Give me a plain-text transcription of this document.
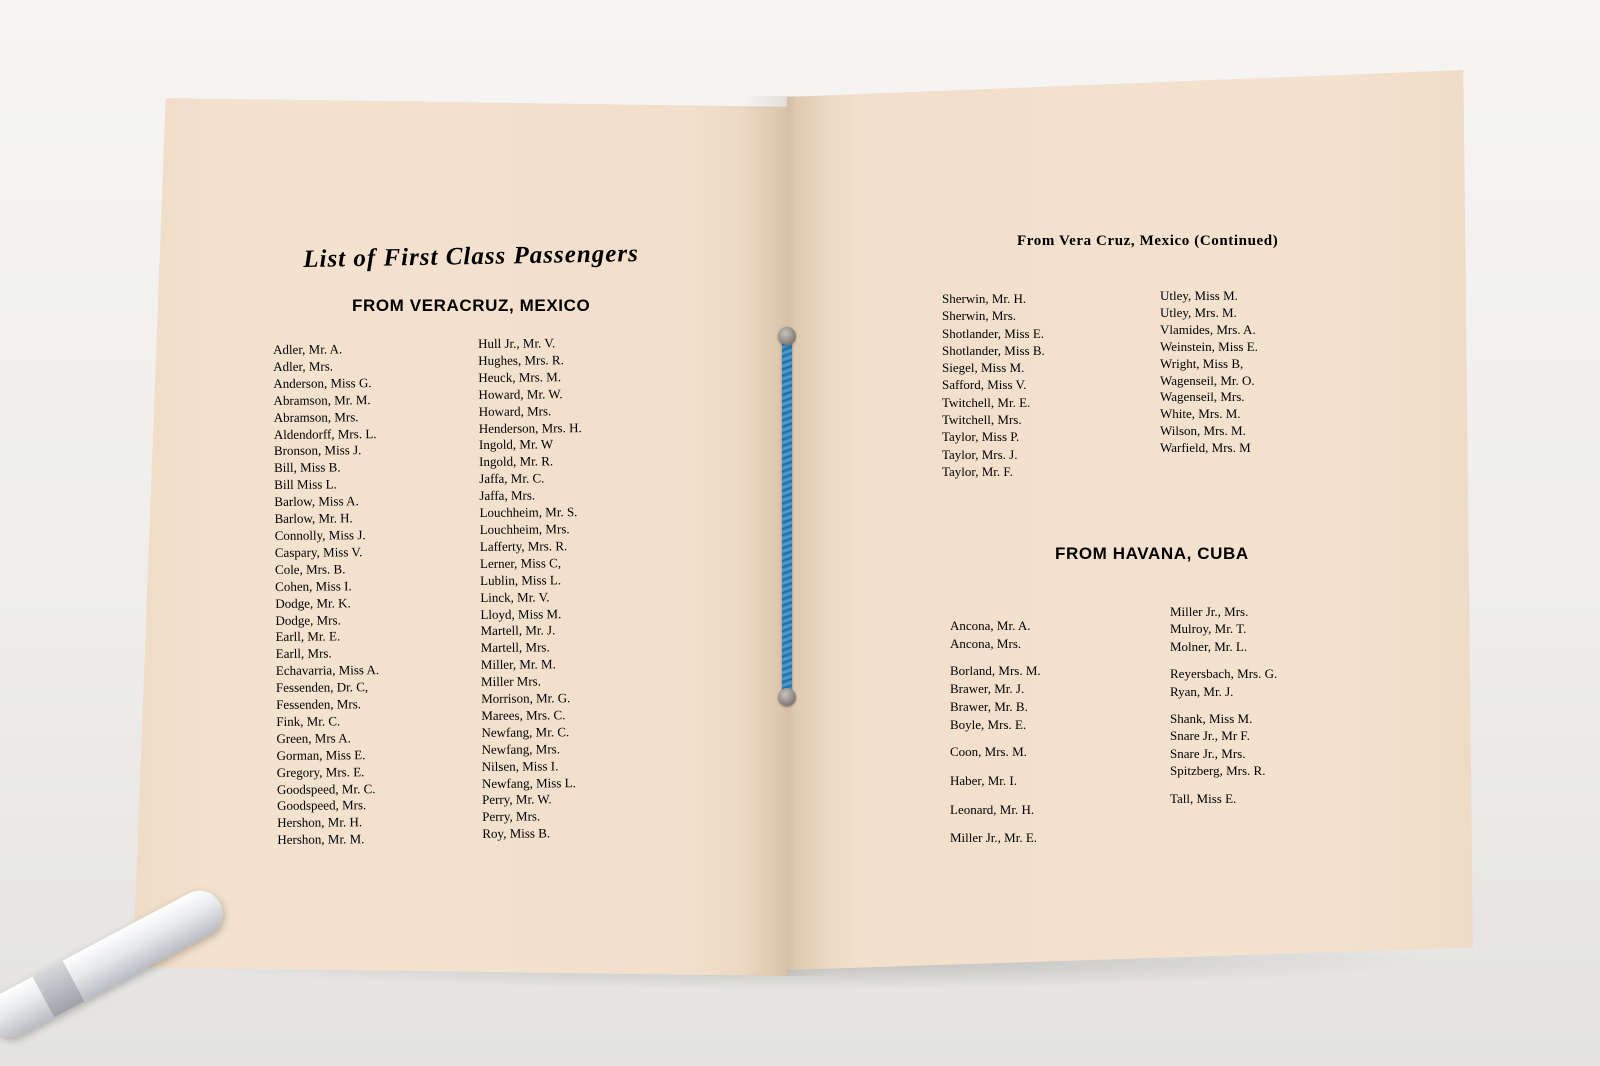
List of First Class Passengers
FROM VERACRUZ, MEXICO
Adler, Mr. A.
Adler, Mrs.
Anderson, Miss G.
Abramson, Mr. M.
Abramson, Mrs.
Aldendorff, Mrs. L.
Bronson, Miss J.
Bill, Miss B.
Bill Miss L.
Barlow, Miss A.
Barlow, Mr. H.
Connolly, Miss J.
Caspary, Miss V.
Cole, Mrs. B.
Cohen, Miss I.
Dodge, Mr. K.
Dodge, Mrs.
Earll, Mr. E.
Earll, Mrs.
Echavarria, Miss A.
Fessenden, Dr. C,
Fessenden, Mrs.
Fink, Mr. C.
Green, Mrs A.
Gorman, Miss E.
Gregory, Mrs. E.
Goodspeed, Mr. C.
Goodspeed, Mrs.
Hershon, Mr. H.
Hershon, Mr. M.
Hull Jr., Mr. V.
Hughes, Mrs. R.
Heuck, Mrs. M.
Howard, Mr. W.
Howard, Mrs.
Henderson, Mrs. H.
Ingold, Mr. W
Ingold, Mr. R.
Jaffa, Mr. C.
Jaffa, Mrs.
Louchheim, Mr. S.
Louchheim, Mrs.
Lafferty, Mrs. R.
Lerner, Miss C,
Lublin, Miss L.
Linck, Mr. V.
Lloyd, Miss M.
Martell, Mr. J.
Martell, Mrs.
Miller, Mr. M.
Miller Mrs.
Morrison, Mr. G.
Marees, Mrs. C.
Newfang, Mr. C.
Newfang, Mrs.
Nilsen, Miss I.
Newfang, Miss L.
Perry, Mr. W.
Perry, Mrs.
Roy, Miss B.
From Vera Cruz, Mexico (Continued)
Sherwin, Mr. H.
Sherwin, Mrs.
Shotlander, Miss E.
Shotlander, Miss B.
Siegel, Miss M.
Safford, Miss V.
Twitchell, Mr. E.
Twitchell, Mrs.
Taylor, Miss P.
Taylor, Mrs. J.
Taylor, Mr. F.
Utley, Miss M.
Utley, Mrs. M.
Vlamides, Mrs. A.
Weinstein, Miss E.
Wright, Miss B,
Wagenseil, Mr. O.
Wagenseil, Mrs.
White, Mrs. M.
Wilson, Mrs. M.
Warfield, Mrs. M
FROM HAVANA, CUBA
Ancona, Mr. A.
Ancona, Mrs.
Borland, Mrs. M.
Brawer, Mr. J.
Brawer, Mr. B.
Boyle, Mrs. E.
Coon, Mrs. M.
Haber, Mr. I.
Leonard, Mr. H.
Miller Jr., Mr. E.
Miller Jr., Mrs.
Mulroy, Mr. T.
Molner, Mr. L.
Reyersbach, Mrs. G.
Ryan, Mr. J.
Shank, Miss M.
Snare Jr., Mr F.
Snare Jr., Mrs.
Spitzberg, Mrs. R.
Tall, Miss E.
